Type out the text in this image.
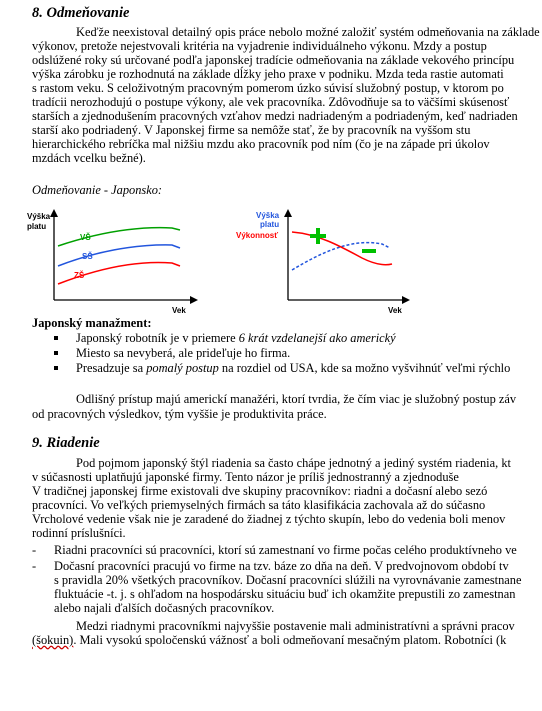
8. Odmeňovanie
Keďže neexistoval detailný opis práce nebolo možné založiť systém odmeňovania na základe
výkonov, pretože nejestvovali kritéria na vyjadrenie individuálneho výkonu. Mzdy a postup
odslúžené roky sú určované podľa japonskej tradície odmeňovania na základe vekového princípu
výška zárobku je rozhodnutá na základe dĺžky jeho praxe v podniku. Mzda teda rastie automati
s rastom veku. S celoživotným pracovným pomerom úzko súvisí služobný postup, v ktorom po
tradícii nerozhodujú o postupe výkony, ale vek pracovníka. Zdôvodňuje sa to väčšími skúsenosť
starších a zjednodušením pracovných vzťahov medzi nadriadeným a podriadeným, keď nadriaden
starší ako podriadený. V Japonskej firme sa nemôže stať, že by pracovník na vyššom stu
hierarchického rebríčka mal nižšiu mzdu ako pracovník pod ním (čo je na západe pri úkolov
mzdách vcelku bežné).
Odmeňovanie - Japonsko:
Výška
platu
Vek
VŠ
SŠ
ZŠ
Výška
platu
Výkonnosť
Vek
Japonský manažment:
Japonský robotník je v priemere 6 krát vzdelanejší ako americký
Miesto sa nevyberá, ale prideľuje ho firma.
Presadzuje sa pomalý postup na rozdiel od USA, kde sa možno vyšvihnúť veľmi rýchlo
Odlišný prístup majú americkí manažéri, ktorí tvrdia, že čím viac je služobný postup záv
od pracovných výsledkov, tým vyššie je produktivita práce.
9. Riadenie
Pod pojmom japonský štýl riadenia sa často chápe jednotný a jediný systém riadenia, kt
v súčasnosti uplatňujú japonské firmy. Tento názor je príliš jednostranný a zjednoduše
V tradičnej japonskej firme existovali dve skupiny pracovníkov: riadni a dočasní alebo sezó
pracovníci. Vo veľkých priemyselných firmách sa táto klasifikácia zachovala až do súčasno
Vrcholové vedenie však nie je zaradené do žiadnej z týchto skupín, lebo do vedenia boli menov
rodinní príslušníci.
- Riadni pracovníci sú pracovníci, ktorí sú zamestnaní vo firme počas celého produktívneho ve
- Dočasní pracovníci pracujú vo firme na tzv. báze zo dňa na deň. V predvojnovom období tv
s pravidla 20% všetkých pracovníkov. Dočasní pracovníci slúžili na vyrovnávanie zamestnane
fluktuácie -t. j. s ohľadom na hospodársku situáciu buď ich okamžite prepustili zo zamestnan
alebo najali ďalších dočasných pracovníkov.
Medzi riadnymi pracovníkmi najvyššie postavenie mali administratívni a správni pracov
(šokuin). Mali vysokú spoločenskú vážnosť a boli odmeňovaní mesačným platom. Robotníci (k
